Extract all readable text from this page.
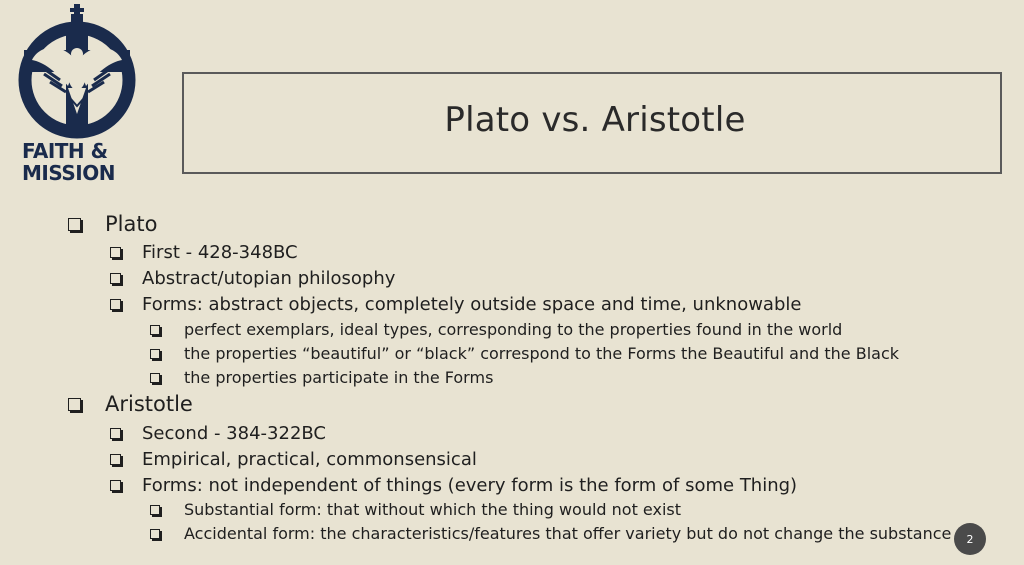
FAITH &
MISSION
Plato vs. Aristotle
Plato
First - 428-348BC
Abstract/utopian philosophy
Forms: abstract objects, completely outside space and time, unknowable
perfect exemplars, ideal types, corresponding to the properties found in the world
the properties “beautiful” or “black” correspond to the Forms the Beautiful and the Black
the properties participate in the Forms
Aristotle
Second - 384-322BC
Empirical, practical, commonsensical
Forms: not independent of things (every form is the form of some Thing)
Substantial form: that without which the thing would not exist
Accidental form: the characteristics/features that offer variety but do not change the substance	2
